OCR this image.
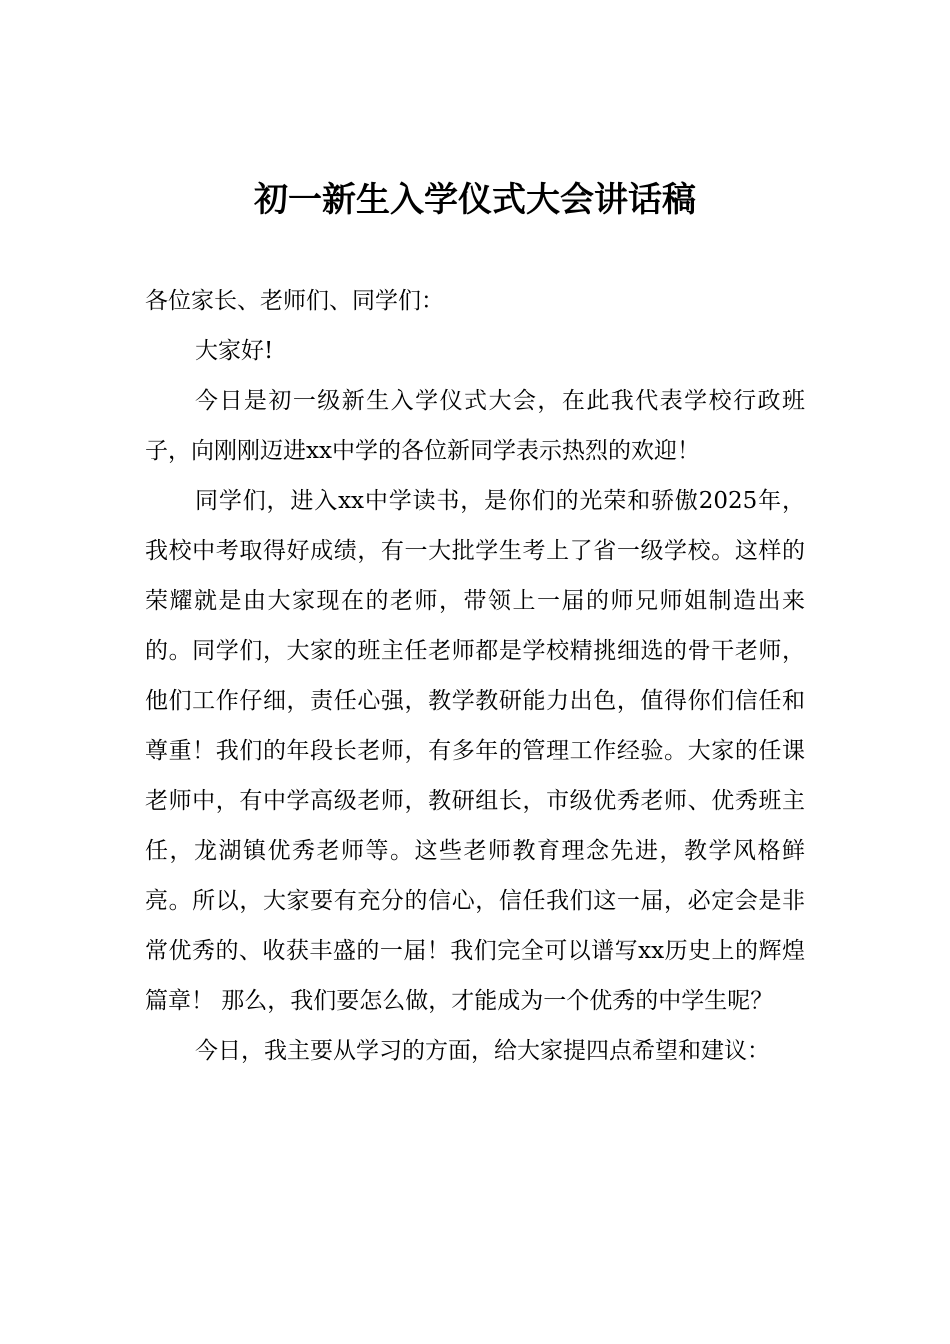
初一新生入学仪式大会讲话稿

各位家长、老师们、同学们：

大家好!

今日是初一级新生入学仪式大会，在此我代表学校行政班子，向刚刚迈进xx中学的各位新同学表示热烈的欢迎！

同学们，进入xx中学读书，是你们的光荣和骄傲2025年，我校中考取得好成绩，有一大批学生考上了省一级学校。这样的荣耀就是由大家现在的老师，带领上一届的师兄师姐制造出来的。同学们，大家的班主任老师都是学校精挑细选的骨干老师，他们工作仔细，责任心强，教学教研能力出色，值得你们信任和尊重！我们的年段长老师，有多年的管理工作经验。大家的任课老师中，有中学高级老师，教研组长，市级优秀老师、优秀班主任，龙湖镇优秀老师等。这些老师教育理念先进，教学风格鲜亮。所以，大家要有充分的信心，信任我们这一届，必定会是非常优秀的、收获丰盛的一届！我们完全可以谱写xx历史上的辉煌篇章！ 那么，我们要怎么做，才能成为一个优秀的中学生呢？

今日，我主要从学习的方面，给大家提四点希望和建议：
